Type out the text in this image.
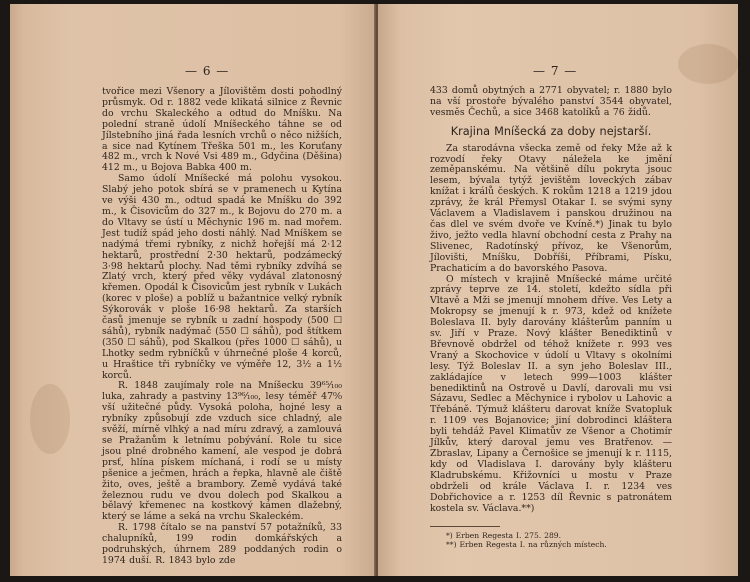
— 6 —

tvořice mezi Všenory a Jílovištěm dosti pohodlný průsmyk. Od r. 1882 vede klikatá silnice z Řevnic do vrchu Skaleckého a odtud do Mníšku. Na polední straně údolí Mníšeckého táhne se od Jílstebního jiná řada lesních vrchů o něco nižších, a sice nad Kytínem Třeška 501 m., les Koruťany 482 m., vrch k Nové Vsi 489 m., Gdyčina (Děšina) 412 m., u Bojova Babka 400 m.

Samo údolí Mníšecké má polohu vysokou. Slabý jeho potok sbírá se v pramenech u Kytína ve výši 430 m., odtud spadá ke Mníšku do 392 m., k Čisovicům do 327 m., k Bojovu do 270 m. a do Vltavy se ústí u Měchynic 196 m. nad mořem. Jest tudíž spád jeho dosti náhlý. Nad Mníškem se nadýmá třemi rybníky, z nichž hořejší má 2·12 hektarů, prostřední 2·30 hektarů, podzámecký 3·98 hektarů plochy. Nad těmi rybníky zdvíhá se Zlatý vrch, který před věky vydával zlatonosný křemen. Opodál k Čisovicům jest rybník v Lukách (korec v ploše) a poblíž u bažantnice velký rybník Sýkorovák v ploše 16·98 hektarů. Za starších časů jmenuje se rybník u zadní hospody (500 ☐ sáhů), rybník nadýmač (550 ☐ sáhů), pod štítkem (350 ☐ sáhů), pod Skalkou (přes 1000 ☐ sáhů), u Lhotky sedm rybníčků v úhrnečné ploše 4 korců, u Hraštice tři rybníčky ve výměře 12, 3½ a 1½ korců.

R. 1848 zaujímaly role na Mníšecku 39⁶⁵⁄₁₀₀ luka, zahrady a pastviny 13⁹⁶⁄₁₀₀, lesy téměř 47⁰⁄₀ vší užitečné půdy. Vysoká poloha, hojné lesy a rybníky způsobují zde vzduch sice chladný, ale svěží, mírně vlhký a nad míru zdravý, a zamlouvá se Pražanům k letnímu pobývání. Role tu sice jsou plné drobného kamení, ale vespod je dobrá prsť, hlína pískem míchaná, i rodí se u místy pšenice a ječmen, hrách a řepka, hlavně ale čiště žito, oves, ještě a brambory. Země vydává také železnou rudu ve dvou dolech pod Skalkou a bělavý křemenec na kostkový kámen dlažebný, který se láme a seká na vrchu Skaleckém.

R. 1798 čítalo se na panství 57 potažníků, 33 chalupníků, 199 rodin domkářských a podruhských, úhrnem 289 poddaných rodin o 1974 duší. R. 1843 bylo zde

— 7 —

433 domů obytných a 2771 obyvatel; r. 1880 bylo na vší prostoře bývalého panství 3544 obyvatel, vesměs Čechů, a sice 3468 katolíků a 76 židů.

Krajina Mníšecká za doby nejstarší.

Za starodávna všecka země od řeky Mže až k rozvodí řeky Otavy náležela ke jmění zeměpanskému. Na většině dílu pokryta jsouc lesem, bývala tytýž jevištěm loveckých zábav knížat i králů českých. K rokům 1218 a 1219 jdou zprávy, že král Přemysl Otakar I. se svými syny Václavem a Vladislavem i panskou družinou na čas dlel ve svém dvoře ve Kvíně.*) Jinak tu bylo živo, ježto vedla hlavní obchodní cesta z Prahy na Slivenec, Radotínský přívoz, ke Všenorům, Jílovišti, Mníšku, Dobříši, Příbrami, Písku, Prachaticím a do bavorského Pasova.

O místech v krajině Mníšecké máme určité zprávy teprve ze 14. století, kdežto sídla při Vltavě a Mži se jmenují mnohem dříve. Ves Lety a Mokropsy se jmenují k r. 973, kdež od knížete Boleslava II. byly darovány klášterům panním u sv. Jiří v Praze. Nový klášter Benediktinů v Břevnově obdržel od téhož knížete r. 993 ves Vraný a Skochovice v údolí u Vltavy s okolními lesy. Týž Boleslav II. a syn jeho Boleslav III., zakládajíce v letech 999—1003 klášter benediktinů na Ostrově u Davlí, darovali mu vsi Sázavu, Sedlec a Měchynice i rybolov u Lahovic a Třebáně. Týmuž klášteru darovat kníže Svatopluk r. 1109 ves Bojanovice; jiní dobrodinci kláštera byli tehdáž Pavel Klimatův ze Všenor a Chotimír Jílkův, který daroval jemu ves Bratřenov. — Zbraslav, Lipany a Černošice se jmenují k r. 1115, kdy od Vladislava I. darovány byly klášteru Kladrubskému. Křižovníci u mostu v Praze obdrželi od krále Václava I. r. 1234 ves Dobřichovice a r. 1253 díl Řevnic s patronátem kostela sv. Václava.**)

*) Erben Regesta I. 275. 289.

**) Erben Regesta I. na různých místech.
